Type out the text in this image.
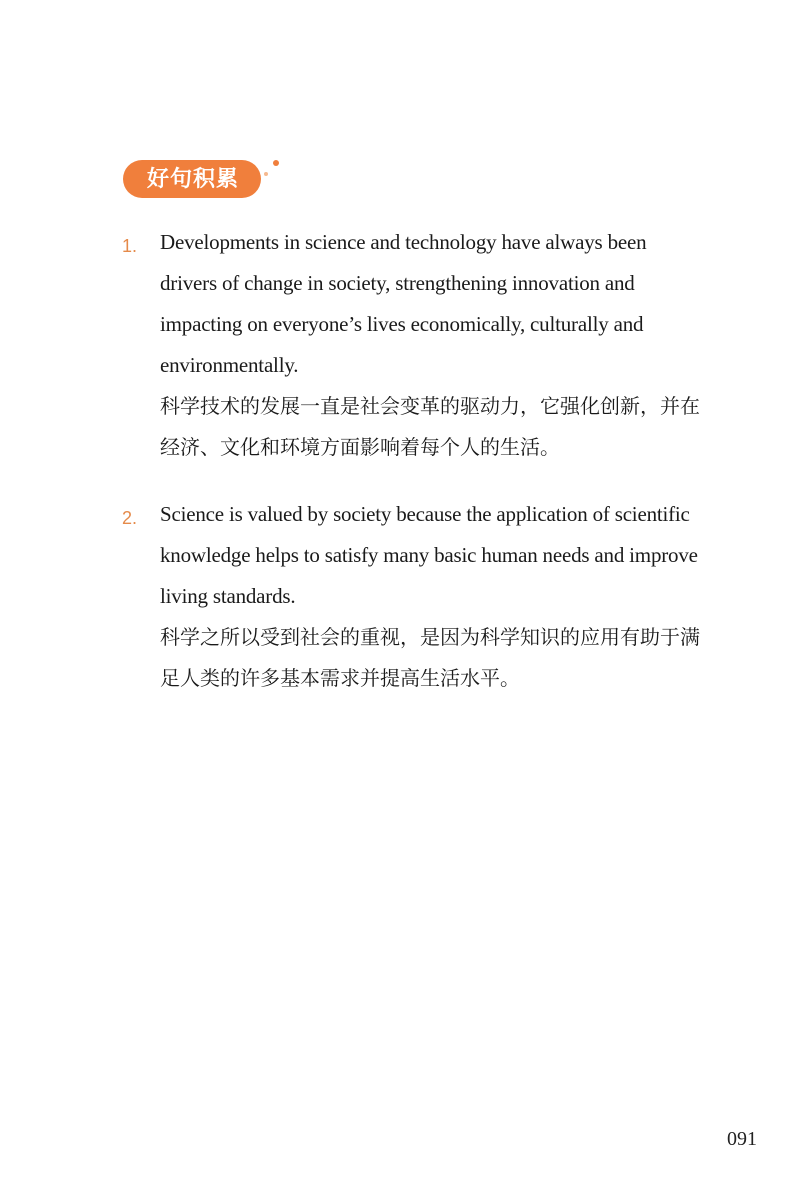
好句积累
1. Developments in science and technology have always been drivers of change in society, strengthening innovation and impacting on everyone’s lives economically, culturally and environmentally.

科学技术的发展一直是社会变革的驱动力，它强化创新，并在经济、文化和环境方面影响着每个人的生活。

2. Science is valued by society because the application of scientific knowledge helps to satisfy many basic human needs and improve living standards.

科学之所以受到社会的重视，是因为科学知识的应用有助于满足人类的许多基本需求并提高生活水平。

091
